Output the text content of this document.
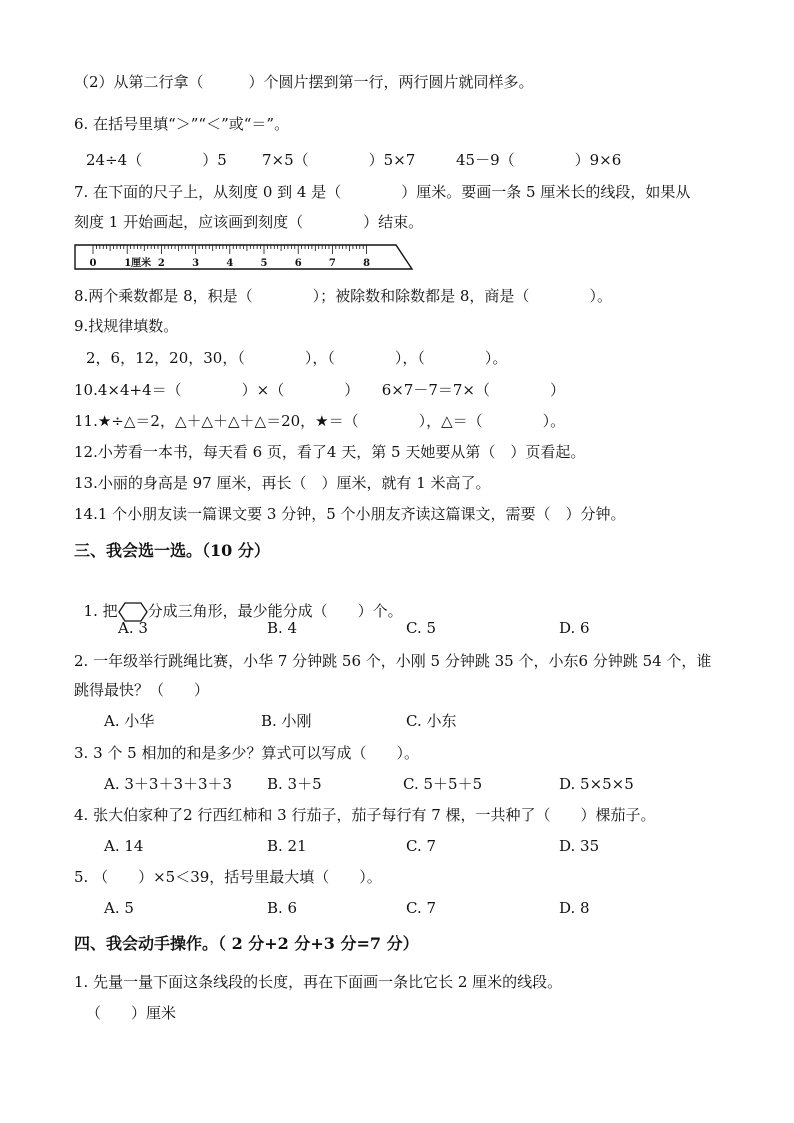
（2）从第二行拿（　　　）个圆片摆到第一行，两行圆片就同样多。
6. 在括号里填“＞”“＜”或“＝”。
24÷4（　　　　）5 7×5（　　　　）5×7	45－9（　　　　）9×6
7. 在下面的尺子上，从刻度 0 到 4 是（　　　　）厘米。要画一条 5 厘米长的线段，如果从
刻度 1 开始画起，应该画到刻度（　　　　）结束。
0	1厘米 2	3	4	5	6	7	8
8.两个乘数都是 8，积是（　　　　）；被除数和除数都是 8，商是（　　　　）。
9.找规律填数。
2，6，12，20，30，（　　　　），（　　　　），（　　　　）。
10.4×4+4＝（　　　　）×（　　　　）　　6×7－7＝7×（　　　　）
11.★÷△＝2，△＋△＋△＋△＝20，★＝（　　　　），△＝（　　　　）。
12.小芳看一本书，每天看 6 页，看了4 天，第 5 天她要从第（　）页看起。
13.小丽的身高是 97 厘米，再长（　）厘米，就有 1 米高了。
14.1 个小朋友读一篇课文要 3 分钟，5 个小朋友齐读这篇课文，需要（　）分钟。
三、我会选一选。（10 分）

1. 把 分成三角形，最少能分成（　　）个。

A. 3	B. 4	C. 5	D. 6
2. 一年级举行跳绳比赛，小华 7 分钟跳 56 个，小刚 5 分钟跳 35 个，小东6 分钟跳 54 个，谁
跳得最快？（　　）
A. 小华	B. 小刚	C. 小东
3. 3 个 5 相加的和是多少？算式可以写成（　　）。
A. 3＋3＋3＋3＋3 B. 3＋5	C. 5＋5＋5	D. 5×5×5
4. 张大伯家种了2 行西红柿和 3 行茄子，茄子每行有 7 棵，一共种了（　　）棵茄子。
A. 14	B. 21	C. 7	D. 35
5. （　　）×5＜39，括号里最大填（　　）。
A. 5	B. 6	C. 7	D. 8
四、我会动手操作。（ 2 分+2 分+3 分=7 分）
1. 先量一量下面这条线段的长度，再在下面画一条比它长 2 厘米的线段。
（　　）厘米
